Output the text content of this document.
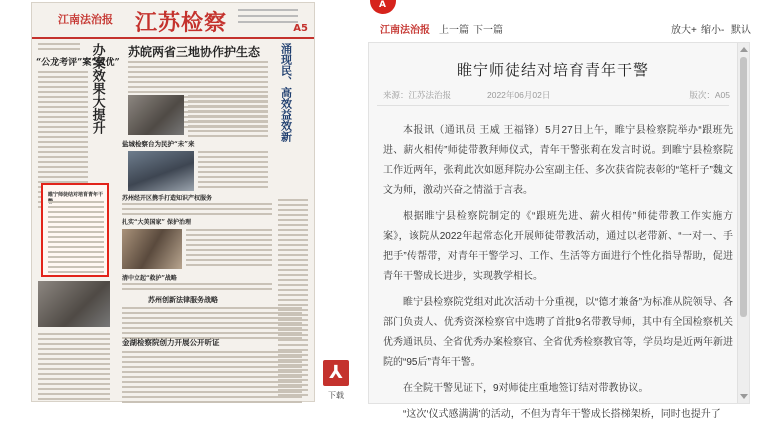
江南法治报 江苏检察	A5
苏皖两省三地协作护生态
“公龙考评”案”致优”
办案效果大提升	涌现民、高效益效新
盐城检察台为民护“未”来
苏州经开区携手打造知识产权服务
扎实“大美国家” 保护治理
清中立起“救护”战略
苏州创新法律服务战略
金湖检察院创力开展公开听证
睢宁师徒结对培育青年干
⅄
下载
A
江南法治报 上一篇 下一篇	放大+ 缩小- 默认
睢宁师徒结对培育青年干警
来源：江苏法治报	2022年06月02日	版次：A05

本报讯（通讯员 王威 王福锋）5月27日上午，睢宁县检察院举办“跟班先进、薪火相传”师徒带教拜师仪式，青年干警张莉在发言时说。到睢宁县检察院工作近两年，张莉此次如愿拜院办公室副主任、多次获省院表彰的“笔杆子”魏文文为师，激动兴奋之情溢于言表。

根据睢宁县检察院制定的《“跟班先进、薪火相传”师徒带教工作实施方案》，该院从2022年起常态化开展师徒带教活动，通过以老带新、“一对一、手把手”传帮带，对青年干警学习、工作、生活等方面进行个性化指导帮助，促进青年干警成长进步，实现教学相长。

睢宁县检察院党组对此次活动十分重视，以“德才兼备”为标准从院领导、各部门负责人、优秀资深检察官中选聘了首批9名带教导师，其中有全国检察机关优秀通讯员、全省优秀办案检察官、全省优秀检察教官等，学员均是近两年新进院的“95后”青年干警。

在全院干警见证下，9对师徒庄重地签订结对带教协议。

“这次‘仪式感满满’的活动，不但为青年干警成长搭梯架桥，同时也提升了
